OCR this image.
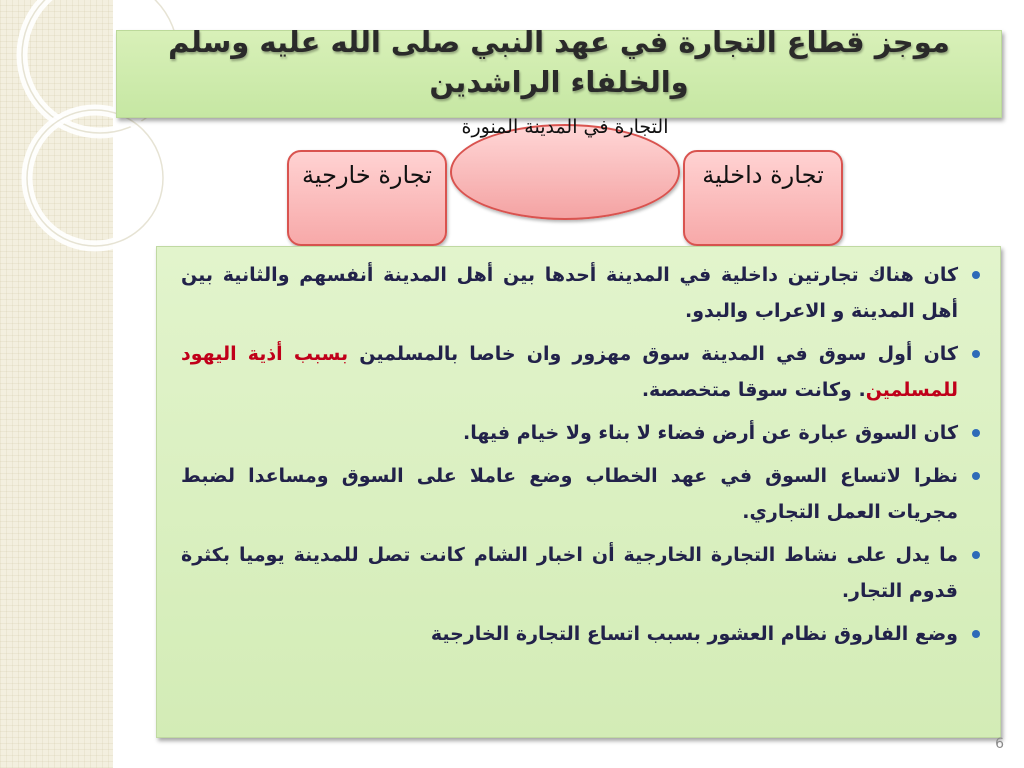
موجز قطاع التجارة في عهد النبي صلى الله عليه وسلم والخلفاء الراشدين
تجارة خارجية	تجارة داخلية
التجارة في المدينة المنورة
كان هناك تجارتين داخلية في المدينة أحدها بين أهل المدينة أنفسهم والثانية بين أهل المدينة و الاعراب والبدو.
كان أول سوق في المدينة سوق مهزور وان خاصا بالمسلمين بسبب أذية اليهود للمسلمين. وكانت سوقا متخصصة.
كان السوق عبارة عن أرض فضاء لا بناء ولا خيام فيها.
نظرا لاتساع السوق في عهد الخطاب وضع عاملا على السوق ومساعدا لضبط مجريات العمل التجاري.
ما يدل على نشاط التجارة الخارجية أن اخبار الشام كانت تصل للمدينة يوميا بكثرة قدوم التجار.
وضع الفاروق نظام العشور بسبب اتساع التجارة الخارجية
6
